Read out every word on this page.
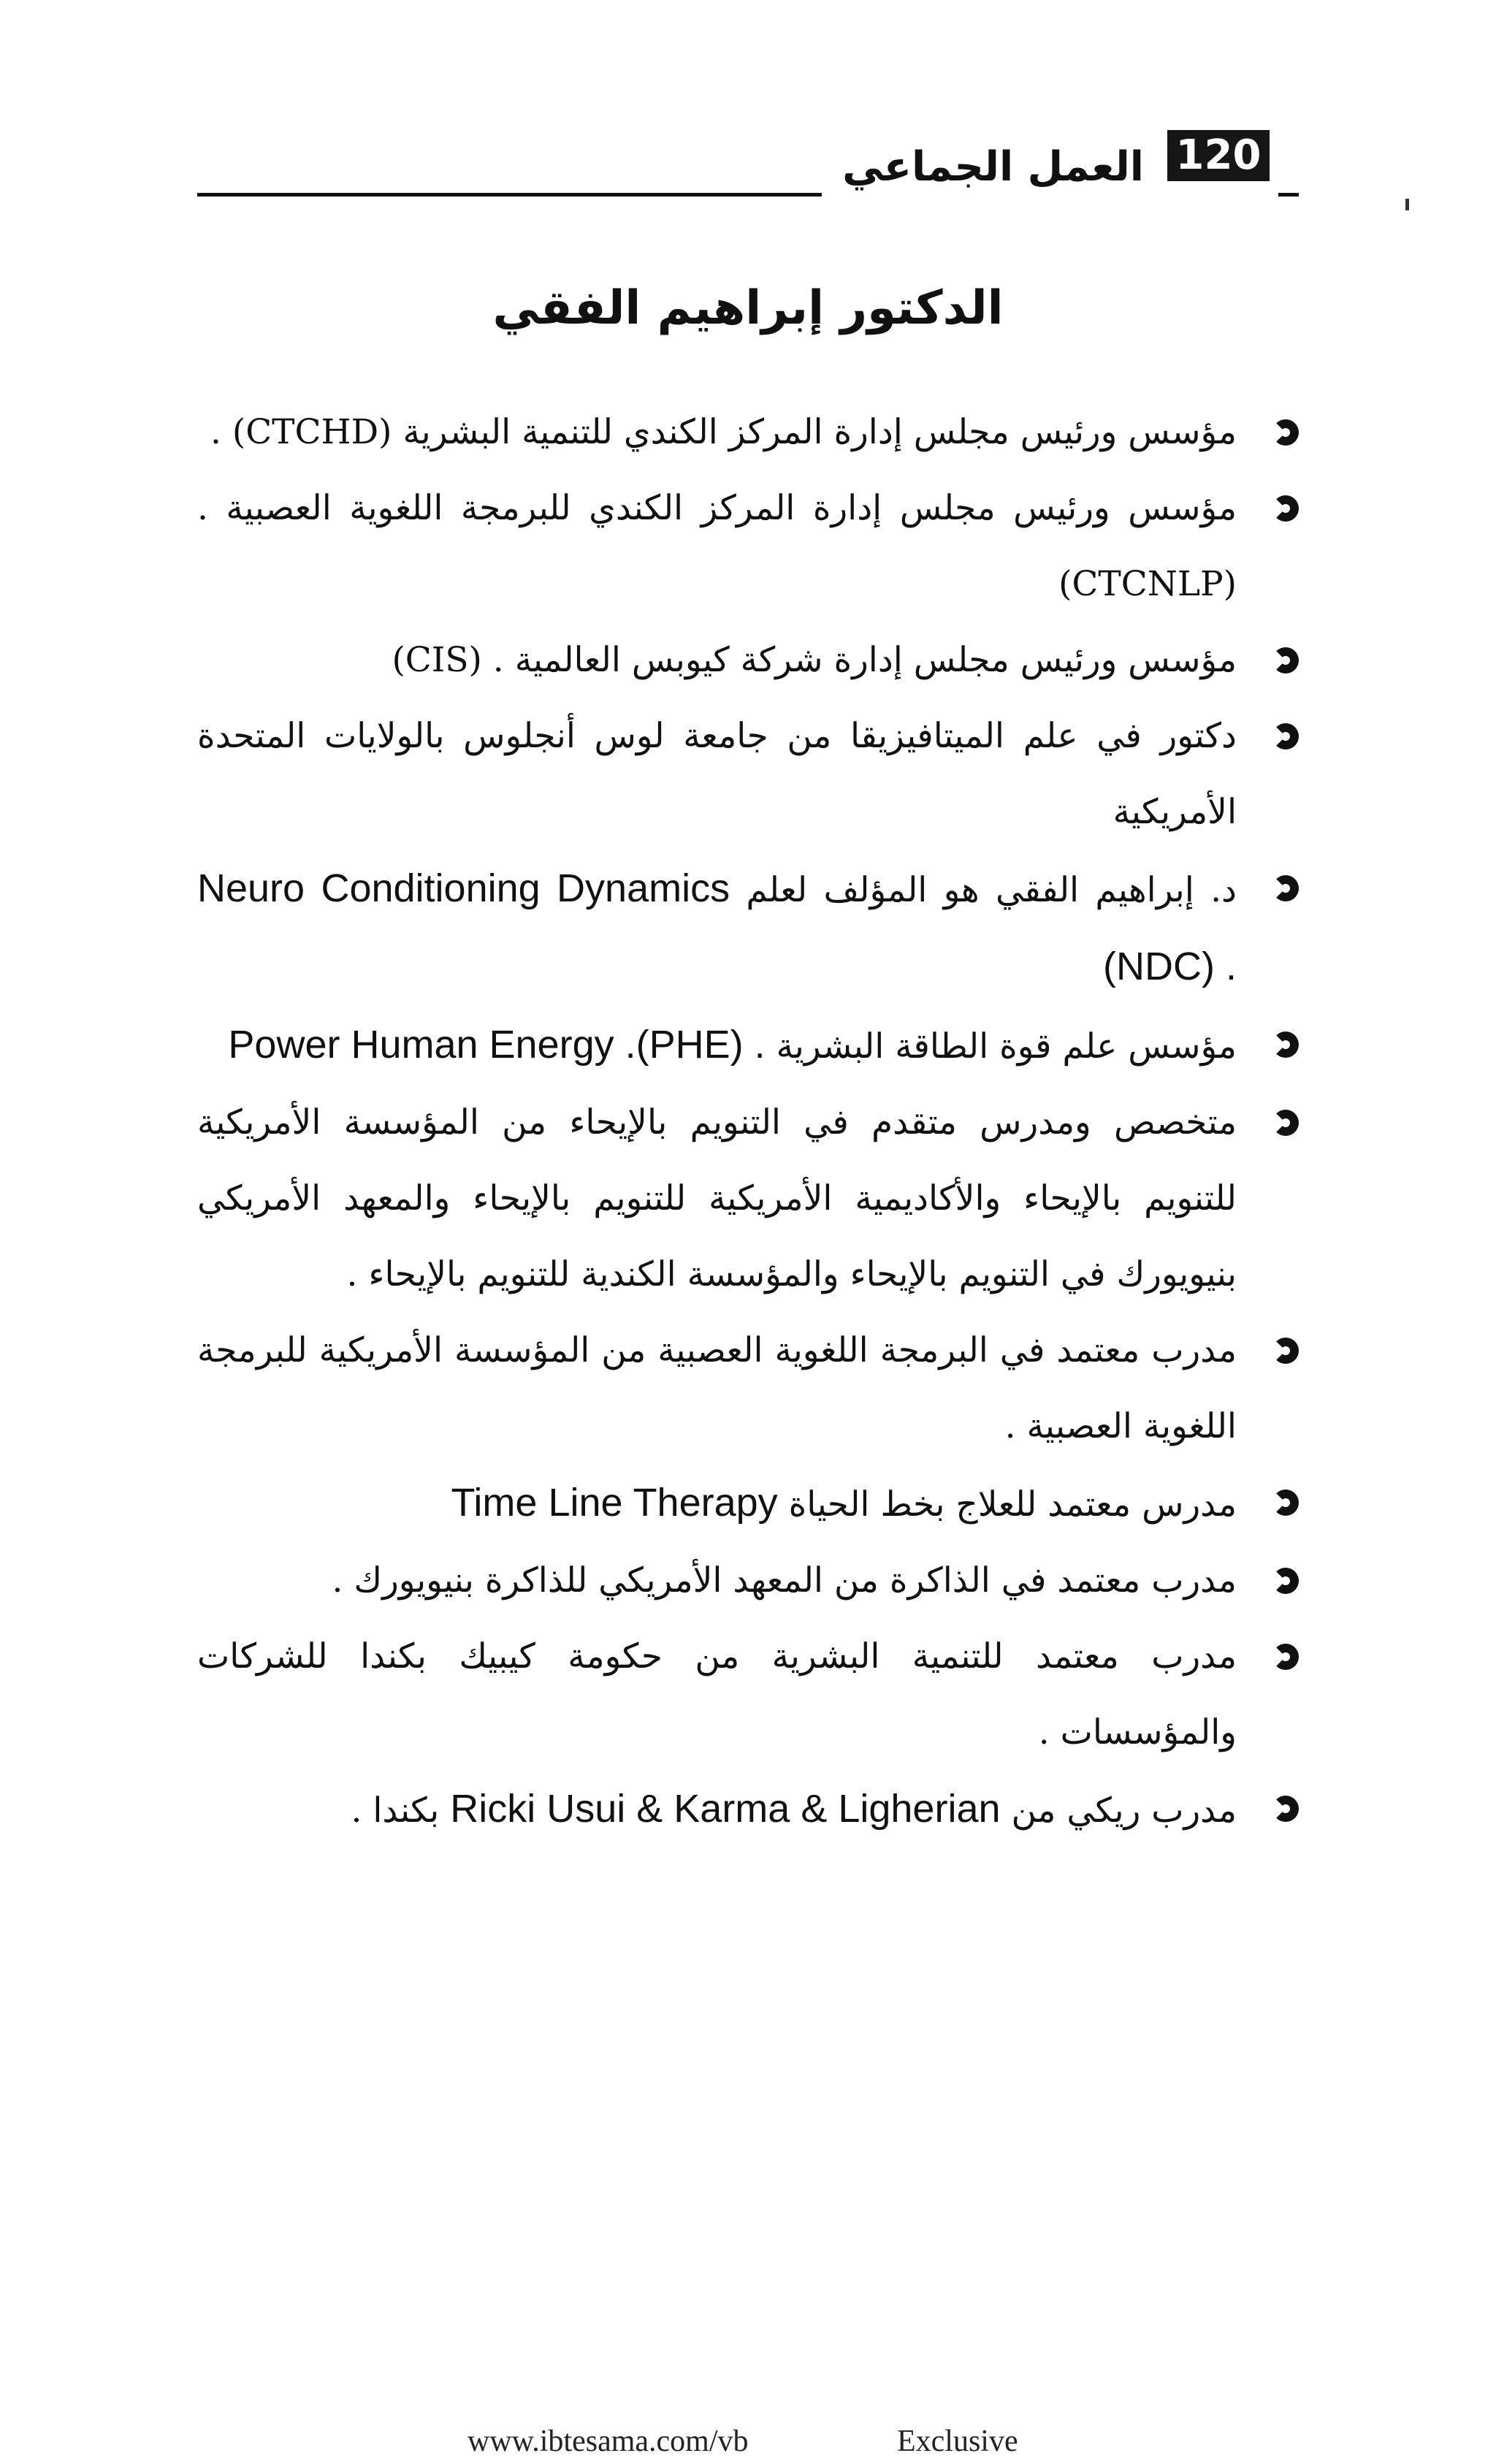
العمل الجماعي 120
الدكتور إبراهيم الفقي
مؤسس ورئيس مجلس إدارة المركز الكندي للتنمية البشرية (CTCHD) .
مؤسس ورئيس مجلس إدارة المركز الكندي للبرمجة اللغوية العصبية . (CTCNLP)
مؤسس ورئيس مجلس إدارة شركة كيوبس العالمية . (CIS)
دكتور في علم الميتافيزيقا من جامعة لوس أنجلوس بالولايات المتحدة الأمريكية
د. إبراهيم الفقي هو المؤلف لعلم Neuro Conditioning Dynamics (NDC) .
مؤسس علم قوة الطاقة البشرية Power Human Energy .(PHE) .
متخصص ومدرس متقدم في التنويم بالإيحاء من المؤسسة الأمريكية للتنويم بالإيحاء والأكاديمية الأمريكية للتنويم بالإيحاء والمعهد الأمريكي بنيويورك في التنويم بالإيحاء والمؤسسة الكندية للتنويم بالإيحاء .
مدرب معتمد في البرمجة اللغوية العصبية من المؤسسة الأمريكية للبرمجة اللغوية العصبية .
مدرس معتمد للعلاج بخط الحياة Time Line Therapy
مدرب معتمد في الذاكرة من المعهد الأمريكي للذاكرة بنيويورك .
مدرب معتمد للتنمية البشرية من حكومة كيبيك بكندا للشركات والمؤسسات .
مدرب ريكي من Ricki Usui & Karma & Ligherian بكندا .
www.ibtesama.com/vb	Exclusive
